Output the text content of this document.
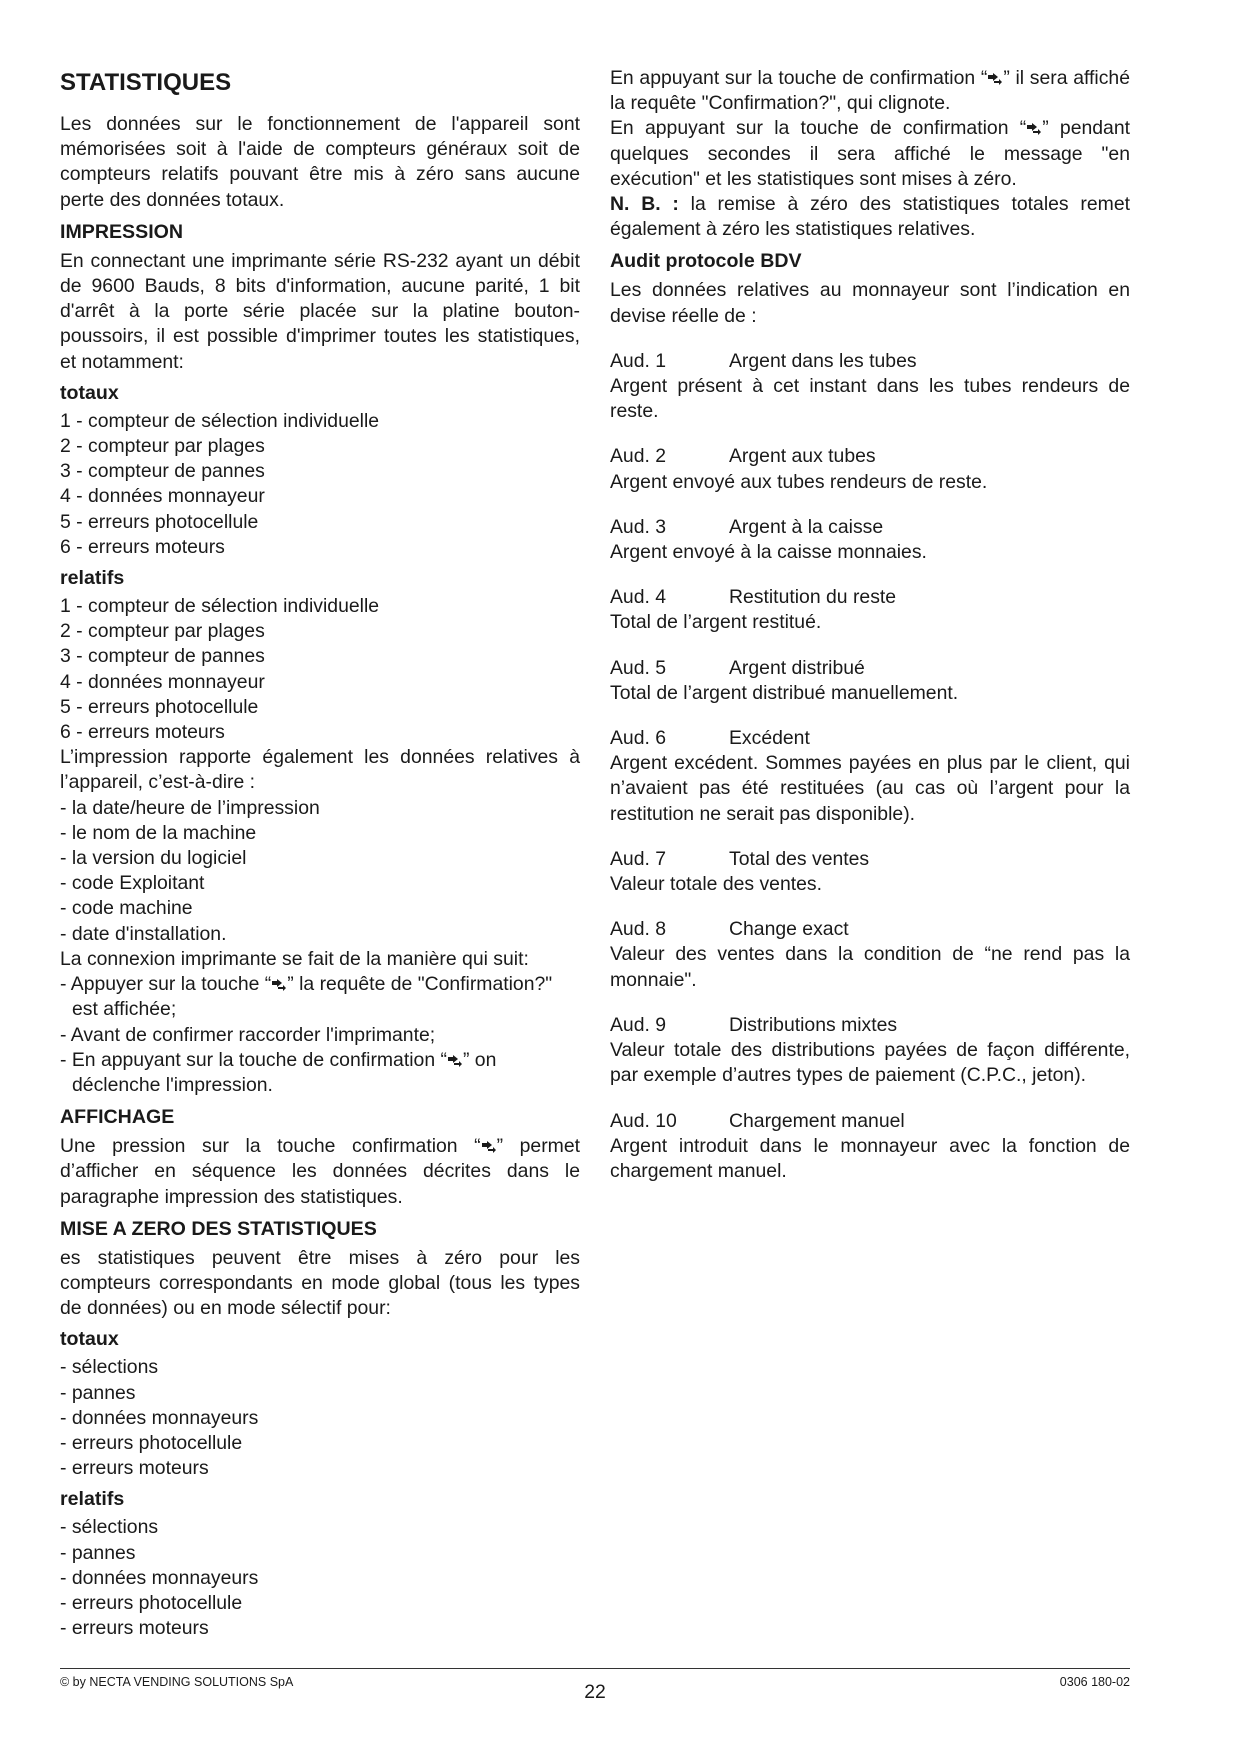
STATISTIQUES

Les données sur le fonctionnement de l'appareil sont mémorisées soit à l'aide de compteurs généraux soit de compteurs relatifs pouvant être mis à zéro sans aucune perte des données totaux.

IMPRESSION

En connectant une imprimante série RS-232 ayant un débit de 9600 Bauds, 8 bits d'information, aucune parité, 1 bit d'arrêt à la porte série placée sur la platine bouton-poussoirs, il est possible d'imprimer toutes les statistiques, et notamment:

totaux
1 - compteur de sélection individuelle
2 - compteur par plages
3 - compteur de pannes
4 - données monnayeur
5 - erreurs photocellule
6 - erreurs moteurs
relatifs
1 - compteur de sélection individuelle
2 - compteur par plages
3 - compteur de pannes
4 - données monnayeur
5 - erreurs photocellule
6 - erreurs moteurs

L’impression rapporte également les données relatives à l’appareil, c’est-à-dire :

- la date/heure de l’impression
- le nom de la machine
- la version du logiciel
- code Exploitant
- code machine
- date d'installation.
La connexion imprimante se fait de la manière qui suit:

- Appuyer sur la touche “ ” la requête de "Confirmation?" est affichée;

- Avant de confirmer raccorder l'imprimante;

- En appuyant sur la touche de confirmation “ ” on déclenche l'impression.

AFFICHAGE

Une pression sur la touche confirmation “ ” permet d’afficher en séquence les données décrites dans le paragraphe impression des statistiques.

MISE A ZERO DES STATISTIQUES

es statistiques peuvent être mises à zéro pour les compteurs correspondants en mode global (tous les types de données) ou en mode sélectif pour:

totaux
- sélections
- pannes
- données monnayeurs
- erreurs photocellule
- erreurs moteurs
relatifs
- sélections
- pannes
- données monnayeurs
- erreurs photocellule
- erreurs moteurs

En appuyant sur la touche de confirmation “ ” il sera affiché la requête "Confirmation?", qui clignote.

En appuyant sur la touche de confirmation “ ” pendant quelques secondes il sera affiché le message "en exécution" et les statistiques sont mises à zéro.

N. B. : la remise à zéro des statistiques totales remet également à zéro les statistiques relatives.

Audit protocole BDV

Les données relatives au monnayeur sont l’indication en devise réelle de :

Aud. 1	Argent dans les tubes

Argent présent à cet instant dans les tubes rendeurs de reste.

Aud. 2	Argent aux tubes

Argent envoyé aux tubes rendeurs de reste.

Aud. 3	Argent à la caisse

Argent envoyé à la caisse monnaies.

Aud. 4	Restitution du reste

Total de l’argent restitué.

Aud. 5	Argent distribué

Total de l’argent distribué manuellement.

Aud. 6	Excédent

Argent excédent. Sommes payées en plus par le client, qui n’avaient pas été restituées (au cas où l’argent pour la restitution ne serait pas disponible).

Aud. 7	Total des ventes

Valeur totale des ventes.

Aud. 8	Change exact

Valeur des ventes dans la condition de “ne rend pas la monnaie".

Aud. 9	Distributions mixtes

Valeur totale des distributions payées de façon différente, par exemple d’autres types de paiement (C.P.C., jeton).

Aud. 10	Chargement manuel

Argent introduit dans le monnayeur avec la fonction de chargement manuel.

© by NECTA VENDING SOLUTIONS SpA	22	0306 180-02
